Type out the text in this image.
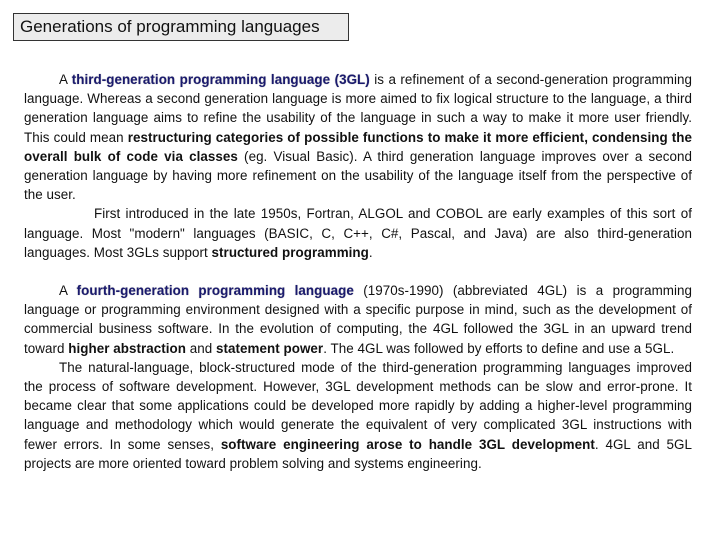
Generations of programming languages

A third-generation programming language (3GL) is a refinement of a second-generation programming language. Whereas a second generation language is more aimed to fix logical structure to the language, a third generation language aims to refine the usability of the language in such a way to make it more user friendly. This could mean restructuring categories of possible functions to make it more efficient, condensing the overall bulk of code via classes (eg. Visual Basic). A third generation language improves over a second generation language by having more refinement on the usability of the language itself from the perspective of the user.

First introduced in the late 1950s, Fortran, ALGOL and COBOL are early examples of this sort of language. Most "modern" languages (BASIC, C, C++, C#, Pascal, and Java) are also third-generation languages. Most 3GLs support structured programming.

A fourth-generation programming language (1970s-1990) (abbreviated 4GL) is a programming language or programming environment designed with a specific purpose in mind, such as the development of commercial business software. In the evolution of computing, the 4GL followed the 3GL in an upward trend toward higher abstraction and statement power. The 4GL was followed by efforts to define and use a 5GL.

The natural-language, block-structured mode of the third-generation programming languages improved the process of software development. However, 3GL development methods can be slow and error-prone. It became clear that some applications could be developed more rapidly by adding a higher-level programming language and methodology which would generate the equivalent of very complicated 3GL instructions with fewer errors. In some senses, software engineering arose to handle 3GL development. 4GL and 5GL projects are more oriented toward problem solving and systems engineering.
